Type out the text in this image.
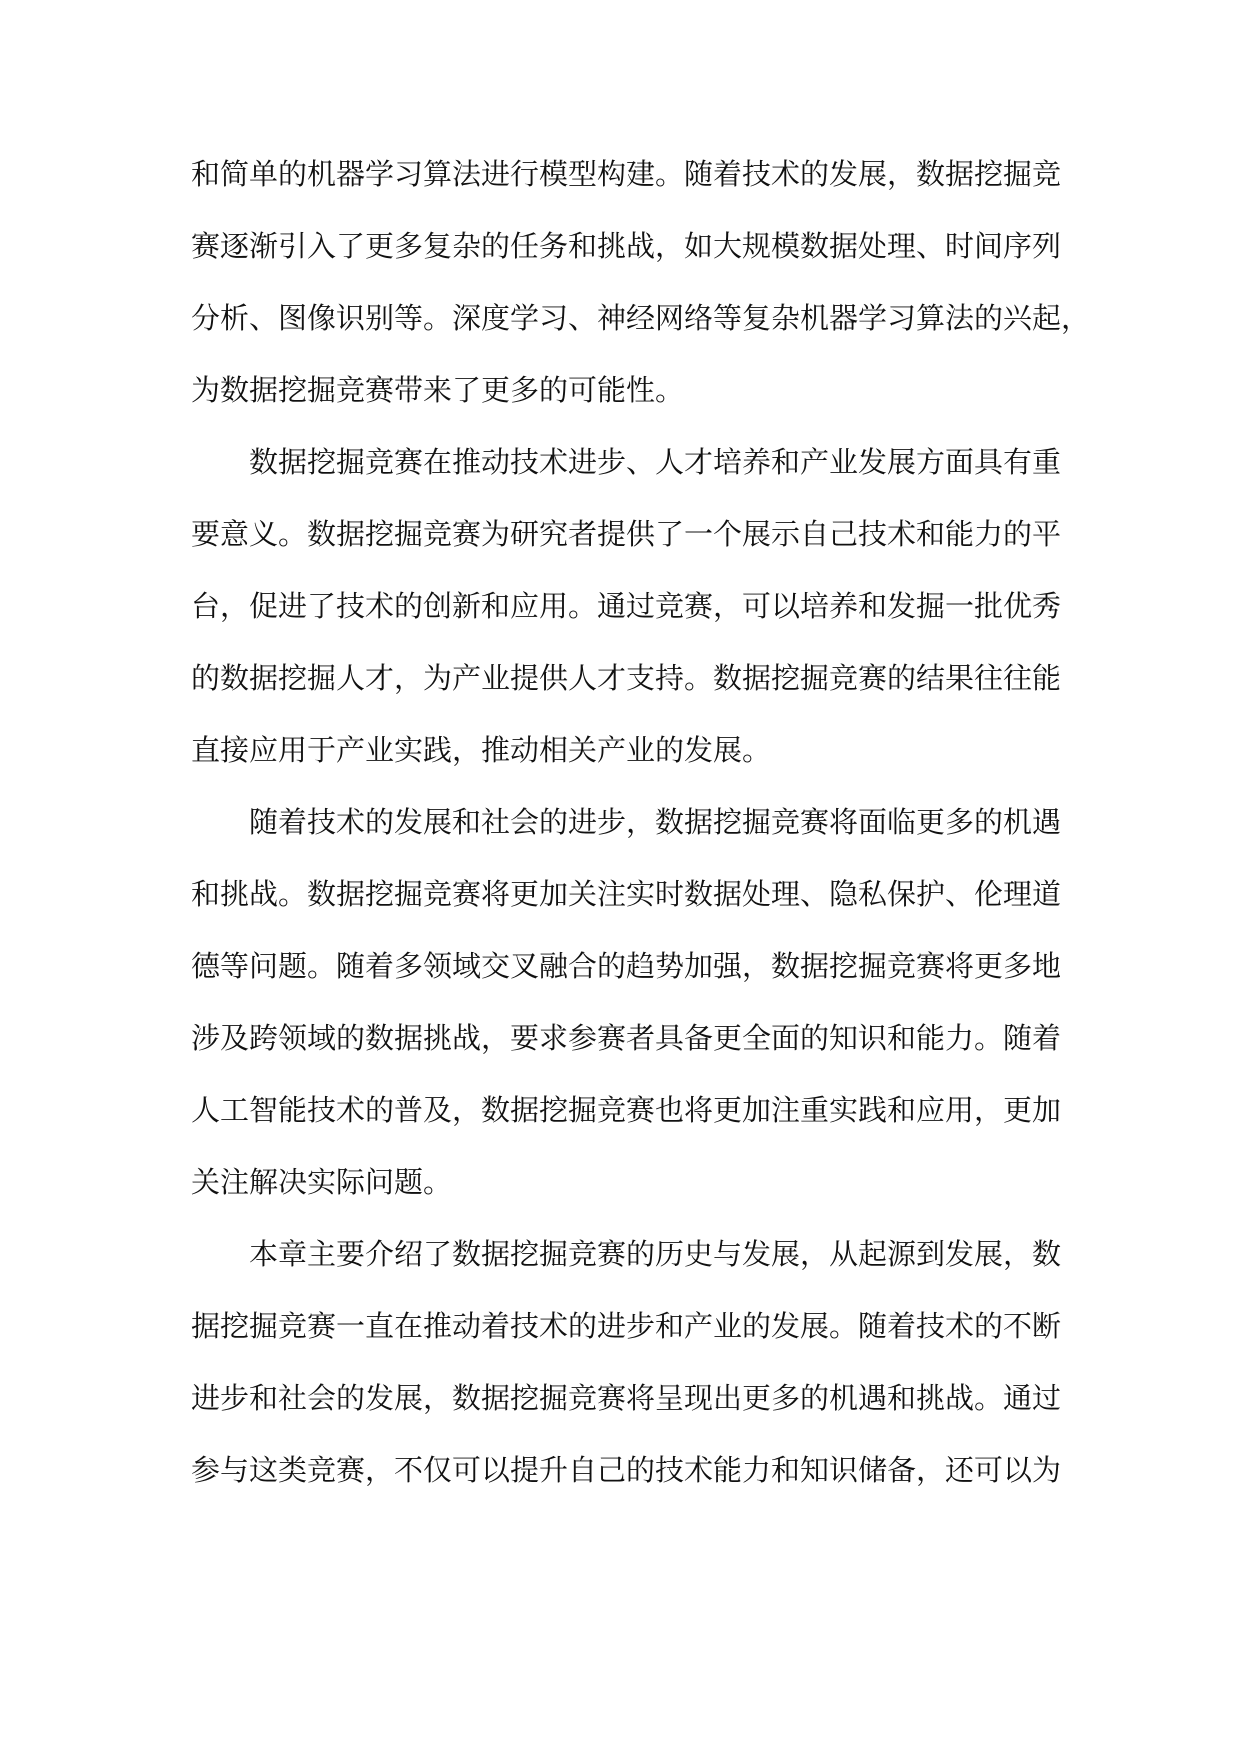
和简单的机器学习算法进行模型构建。随着技术的发展，数据挖掘竞
赛逐渐引入了更多复杂的任务和挑战，如大规模数据处理、时间序列
分析、图像识别等。深度学习、神经网络等复杂机器学习算法的兴起，
为数据挖掘竞赛带来了更多的可能性。
数据挖掘竞赛在推动技术进步、人才培养和产业发展方面具有重
要意义。数据挖掘竞赛为研究者提供了一个展示自己技术和能力的平
台，促进了技术的创新和应用。通过竞赛，可以培养和发掘一批优秀
的数据挖掘人才，为产业提供人才支持。数据挖掘竞赛的结果往往能
直接应用于产业实践，推动相关产业的发展。
随着技术的发展和社会的进步，数据挖掘竞赛将面临更多的机遇
和挑战。数据挖掘竞赛将更加关注实时数据处理、隐私保护、伦理道
德等问题。随着多领域交叉融合的趋势加强，数据挖掘竞赛将更多地
涉及跨领域的数据挑战，要求参赛者具备更全面的知识和能力。随着
人工智能技术的普及，数据挖掘竞赛也将更加注重实践和应用，更加
关注解决实际问题。
本章主要介绍了数据挖掘竞赛的历史与发展，从起源到发展，数
据挖掘竞赛一直在推动着技术的进步和产业的发展。随着技术的不断
进步和社会的发展，数据挖掘竞赛将呈现出更多的机遇和挑战。通过
参与这类竞赛，不仅可以提升自己的技术能力和知识储备，还可以为
